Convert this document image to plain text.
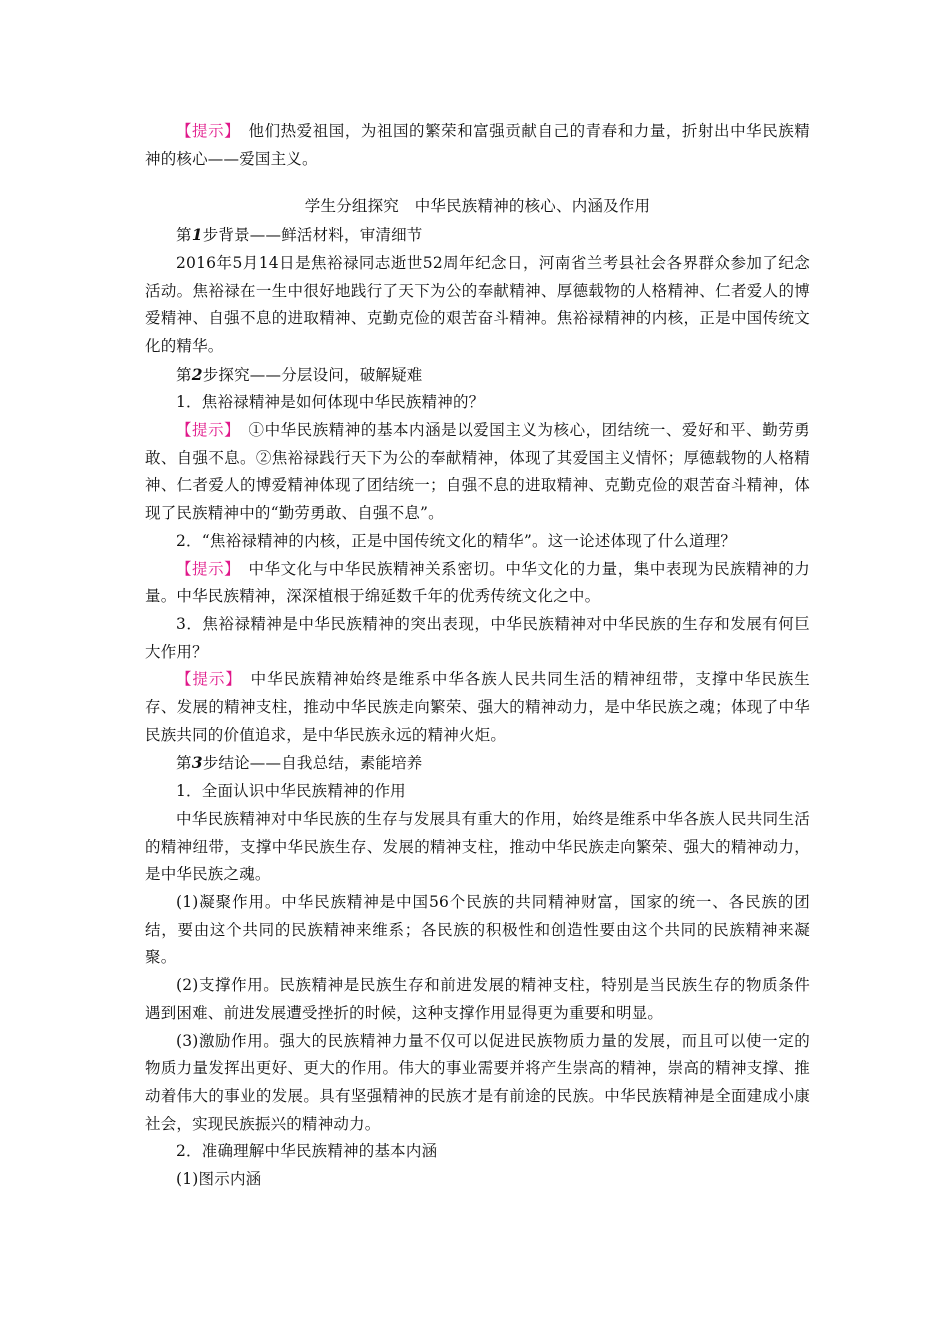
【提示】　他们热爱祖国，为祖国的繁荣和富强贡献自己的青春和力量，折射出中华民族精神的核心——爱国主义。

学生分组探究　中华民族精神的核心、内涵及作用

第1步背景——鲜活材料，审清细节

2016年5月14日是焦裕禄同志逝世52周年纪念日，河南省兰考县社会各界群众参加了纪念活动。焦裕禄在一生中很好地践行了天下为公的奉献精神、厚德载物的人格精神、仁者爱人的博爱精神、自强不息的进取精神、克勤克俭的艰苦奋斗精神。焦裕禄精神的内核，正是中国传统文化的精华。

第2步探究——分层设问，破解疑难

1．焦裕禄精神是如何体现中华民族精神的？

【提示】　①中华民族精神的基本内涵是以爱国主义为核心，团结统一、爱好和平、勤劳勇敢、自强不息。②焦裕禄践行天下为公的奉献精神，体现了其爱国主义情怀；厚德载物的人格精神、仁者爱人的博爱精神体现了团结统一；自强不息的进取精神、克勤克俭的艰苦奋斗精神，体现了民族精神中的“勤劳勇敢、自强不息”。

2．“焦裕禄精神的内核，正是中国传统文化的精华”。这一论述体现了什么道理？

【提示】　中华文化与中华民族精神关系密切。中华文化的力量，集中表现为民族精神的力量。中华民族精神，深深植根于绵延数千年的优秀传统文化之中。

3．焦裕禄精神是中华民族精神的突出表现，中华民族精神对中华民族的生存和发展有何巨大作用？

【提示】　中华民族精神始终是维系中华各族人民共同生活的精神纽带，支撑中华民族生存、发展的精神支柱，推动中华民族走向繁荣、强大的精神动力，是中华民族之魂；体现了中华民族共同的价值追求，是中华民族永远的精神火炬。

第3步结论——自我总结，素能培养

1．全面认识中华民族精神的作用

中华民族精神对中华民族的生存与发展具有重大的作用，始终是维系中华各族人民共同生活的精神纽带，支撑中华民族生存、发展的精神支柱，推动中华民族走向繁荣、强大的精神动力，是中华民族之魂。

(1)凝聚作用。中华民族精神是中国56个民族的共同精神财富，国家的统一、各民族的团结，要由这个共同的民族精神来维系；各民族的积极性和创造性要由这个共同的民族精神来凝聚。

(2)支撑作用。民族精神是民族生存和前进发展的精神支柱，特别是当民族生存的物质条件遇到困难、前进发展遭受挫折的时候，这种支撑作用显得更为重要和明显。

(3)激励作用。强大的民族精神力量不仅可以促进民族物质力量的发展，而且可以使一定的物质力量发挥出更好、更大的作用。伟大的事业需要并将产生崇高的精神，崇高的精神支撑、推动着伟大的事业的发展。具有坚强精神的民族才是有前途的民族。中华民族精神是全面建成小康社会，实现民族振兴的精神动力。

2．准确理解中华民族精神的基本内涵

(1)图示内涵
